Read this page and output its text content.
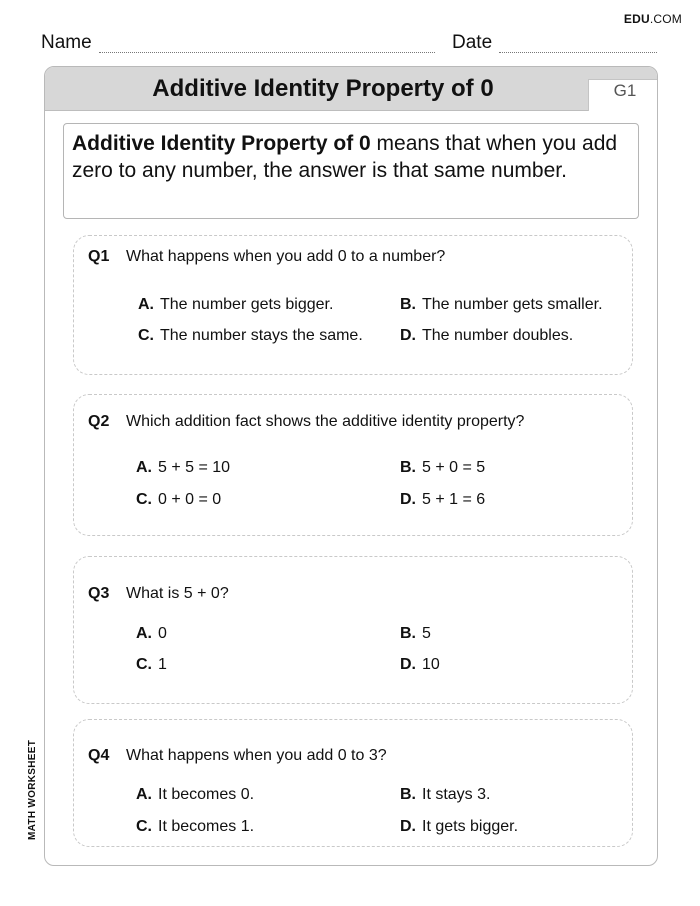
EDU.COM
Name	Date
Additive Identity Property of 0	G1
Additive Identity Property of 0 means that when you add zero to any number, the answer is that same number.
Q1 What happens when you add 0 to a number?
A. The number gets bigger.	B. The number gets smaller.
C. The number stays the same. D. The number doubles.
Q2 Which addition fact shows the additive identity property?
A. 5 + 5 = 10	B. 5 + 0 = 5
C. 0 + 0 = 0	D. 5 + 1 = 6
Q3 What is 5 + 0?
A. 0	B. 5
C. 1	D. 10
Q4 What happens when you add 0 to 3?
A. It becomes 0.	B. It stays 3.
C. It becomes 1.	D. It gets bigger.
MATH WORKSHEET
